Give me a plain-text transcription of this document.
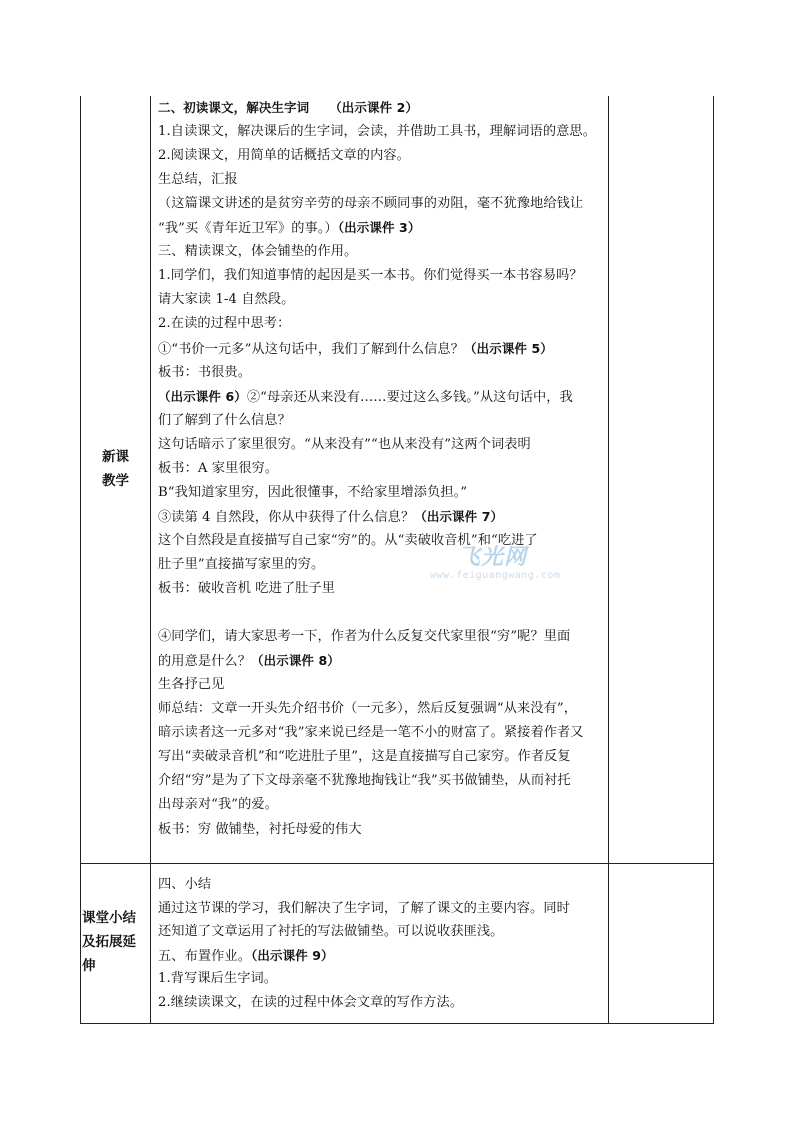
新课
教学
课堂小结
及拓展延
伸
二、初读课文，解决生字词 （出示课件 2）
1.自读课文，解决课后的生字词，会读，并借助工具书，理解词语的意思。
2.阅读课文，用简单的话概括文章的内容。
生总结，汇报
（这篇课文讲述的是贫穷辛劳的母亲不顾同事的劝阻，毫不犹豫地给钱让
“我”买《青年近卫军》的事。）（出示课件 3）
三、精读课文，体会铺垫的作用。
1.同学们，我们知道事情的起因是买一本书。你们觉得买一本书容易吗？
请大家读 1-4 自然段。
2.在读的过程中思考：
①“书价一元多”从这句话中，我们了解到什么信息？（出示课件 5）
板书：书很贵。
（出示课件 6）②“母亲还从来没有……要过这么多钱。”从这句话中，我
们了解到了什么信息？
这句话暗示了家里很穷。“从来没有”“也从来没有”这两个词表明
板书：A 家里很穷。
B“我知道家里穷，因此很懂事，不给家里增添负担。”
③读第 4 自然段，你从中获得了什么信息？（出示课件 7）
这个自然段是直接描写自己家“穷”的。从“卖破收音机”和“吃进了
肚子里”直接描写家里的穷。
板书：破收音机 吃进了肚子里
④同学们，请大家思考一下，作者为什么反复交代家里很“穷”呢？里面
的用意是什么？（出示课件 8）
生各抒己见
师总结：文章一开头先介绍书价（一元多），然后反复强调“从来没有”，
暗示读者这一元多对“我”家来说已经是一笔不小的财富了。紧接着作者又
写出“卖破录音机”和“吃进肚子里”，这是直接描写自己家穷。作者反复
介绍“穷”是为了下文母亲毫不犹豫地掏钱让“我”买书做铺垫，从而衬托
出母亲对“我”的爱。
板书：穷 做铺垫，衬托母爱的伟大
四、小结
通过这节课的学习，我们解决了生字词，了解了课文的主要内容。同时
还知道了文章运用了衬托的写法做铺垫。可以说收获匪浅。
五、布置作业。（出示课件 9）
1.背写课后生字词。
2.继续读课文，在读的过程中体会文章的写作方法。
飞光网
www.feiguangwang.com
